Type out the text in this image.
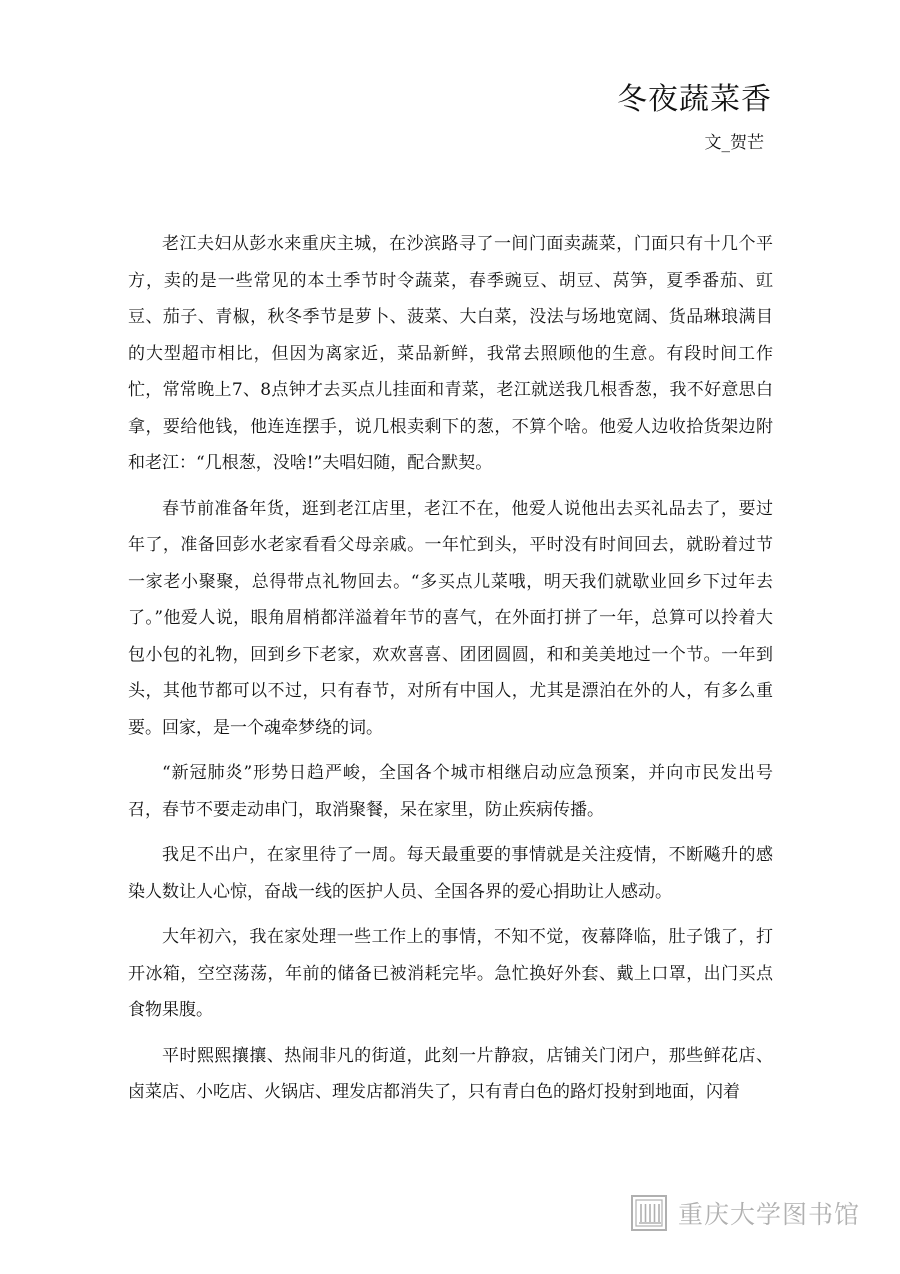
冬夜蔬菜香

文_贺芒

老江夫妇从彭水来重庆主城，在沙滨路寻了一间门面卖蔬菜，门面只有十几个平方，卖的是一些常见的本土季节时令蔬菜，春季豌豆、胡豆、莴笋，夏季番茄、豇豆、茄子、青椒，秋冬季节是萝卜、菠菜、大白菜，没法与场地宽阔、货品琳琅满目的大型超市相比，但因为离家近，菜品新鲜，我常去照顾他的生意。有段时间工作忙，常常晚上7、8点钟才去买点儿挂面和青菜，老江就送我几根香葱，我不好意思白拿，要给他钱，他连连摆手，说几根卖剩下的葱，不算个啥。他爱人边收拾货架边附和老江：“几根葱，没啥!”夫唱妇随，配合默契。

春节前准备年货，逛到老江店里，老江不在，他爱人说他出去买礼品去了，要过年了，准备回彭水老家看看父母亲戚。一年忙到头，平时没有时间回去，就盼着过节一家老小聚聚，总得带点礼物回去。“多买点儿菜哦，明天我们就歇业回乡下过年去了。”他爱人说，眼角眉梢都洋溢着年节的喜气，在外面打拼了一年，总算可以拎着大包小包的礼物，回到乡下老家，欢欢喜喜、团团圆圆，和和美美地过一个节。一年到头，其他节都可以不过，只有春节，对所有中国人，尤其是漂泊在外的人，有多么重要。回家，是一个魂牵梦绕的词。

“新冠肺炎”形势日趋严峻，全国各个城市相继启动应急预案，并向市民发出号召，春节不要走动串门，取消聚餐，呆在家里，防止疾病传播。

我足不出户，在家里待了一周。每天最重要的事情就是关注疫情，不断飚升的感染人数让人心惊，奋战一线的医护人员、全国各界的爱心捐助让人感动。

大年初六，我在家处理一些工作上的事情，不知不觉，夜幕降临，肚子饿了，打开冰箱，空空荡荡，年前的储备已被消耗完毕。急忙换好外套、戴上口罩，出门买点食物果腹。

平时熙熙攘攘、热闹非凡的街道，此刻一片静寂，店铺关门闭户，那些鲜花店、卤菜店、小吃店、火锅店、理发店都消失了，只有青白色的路灯投射到地面，闪着

重庆大学图书馆
